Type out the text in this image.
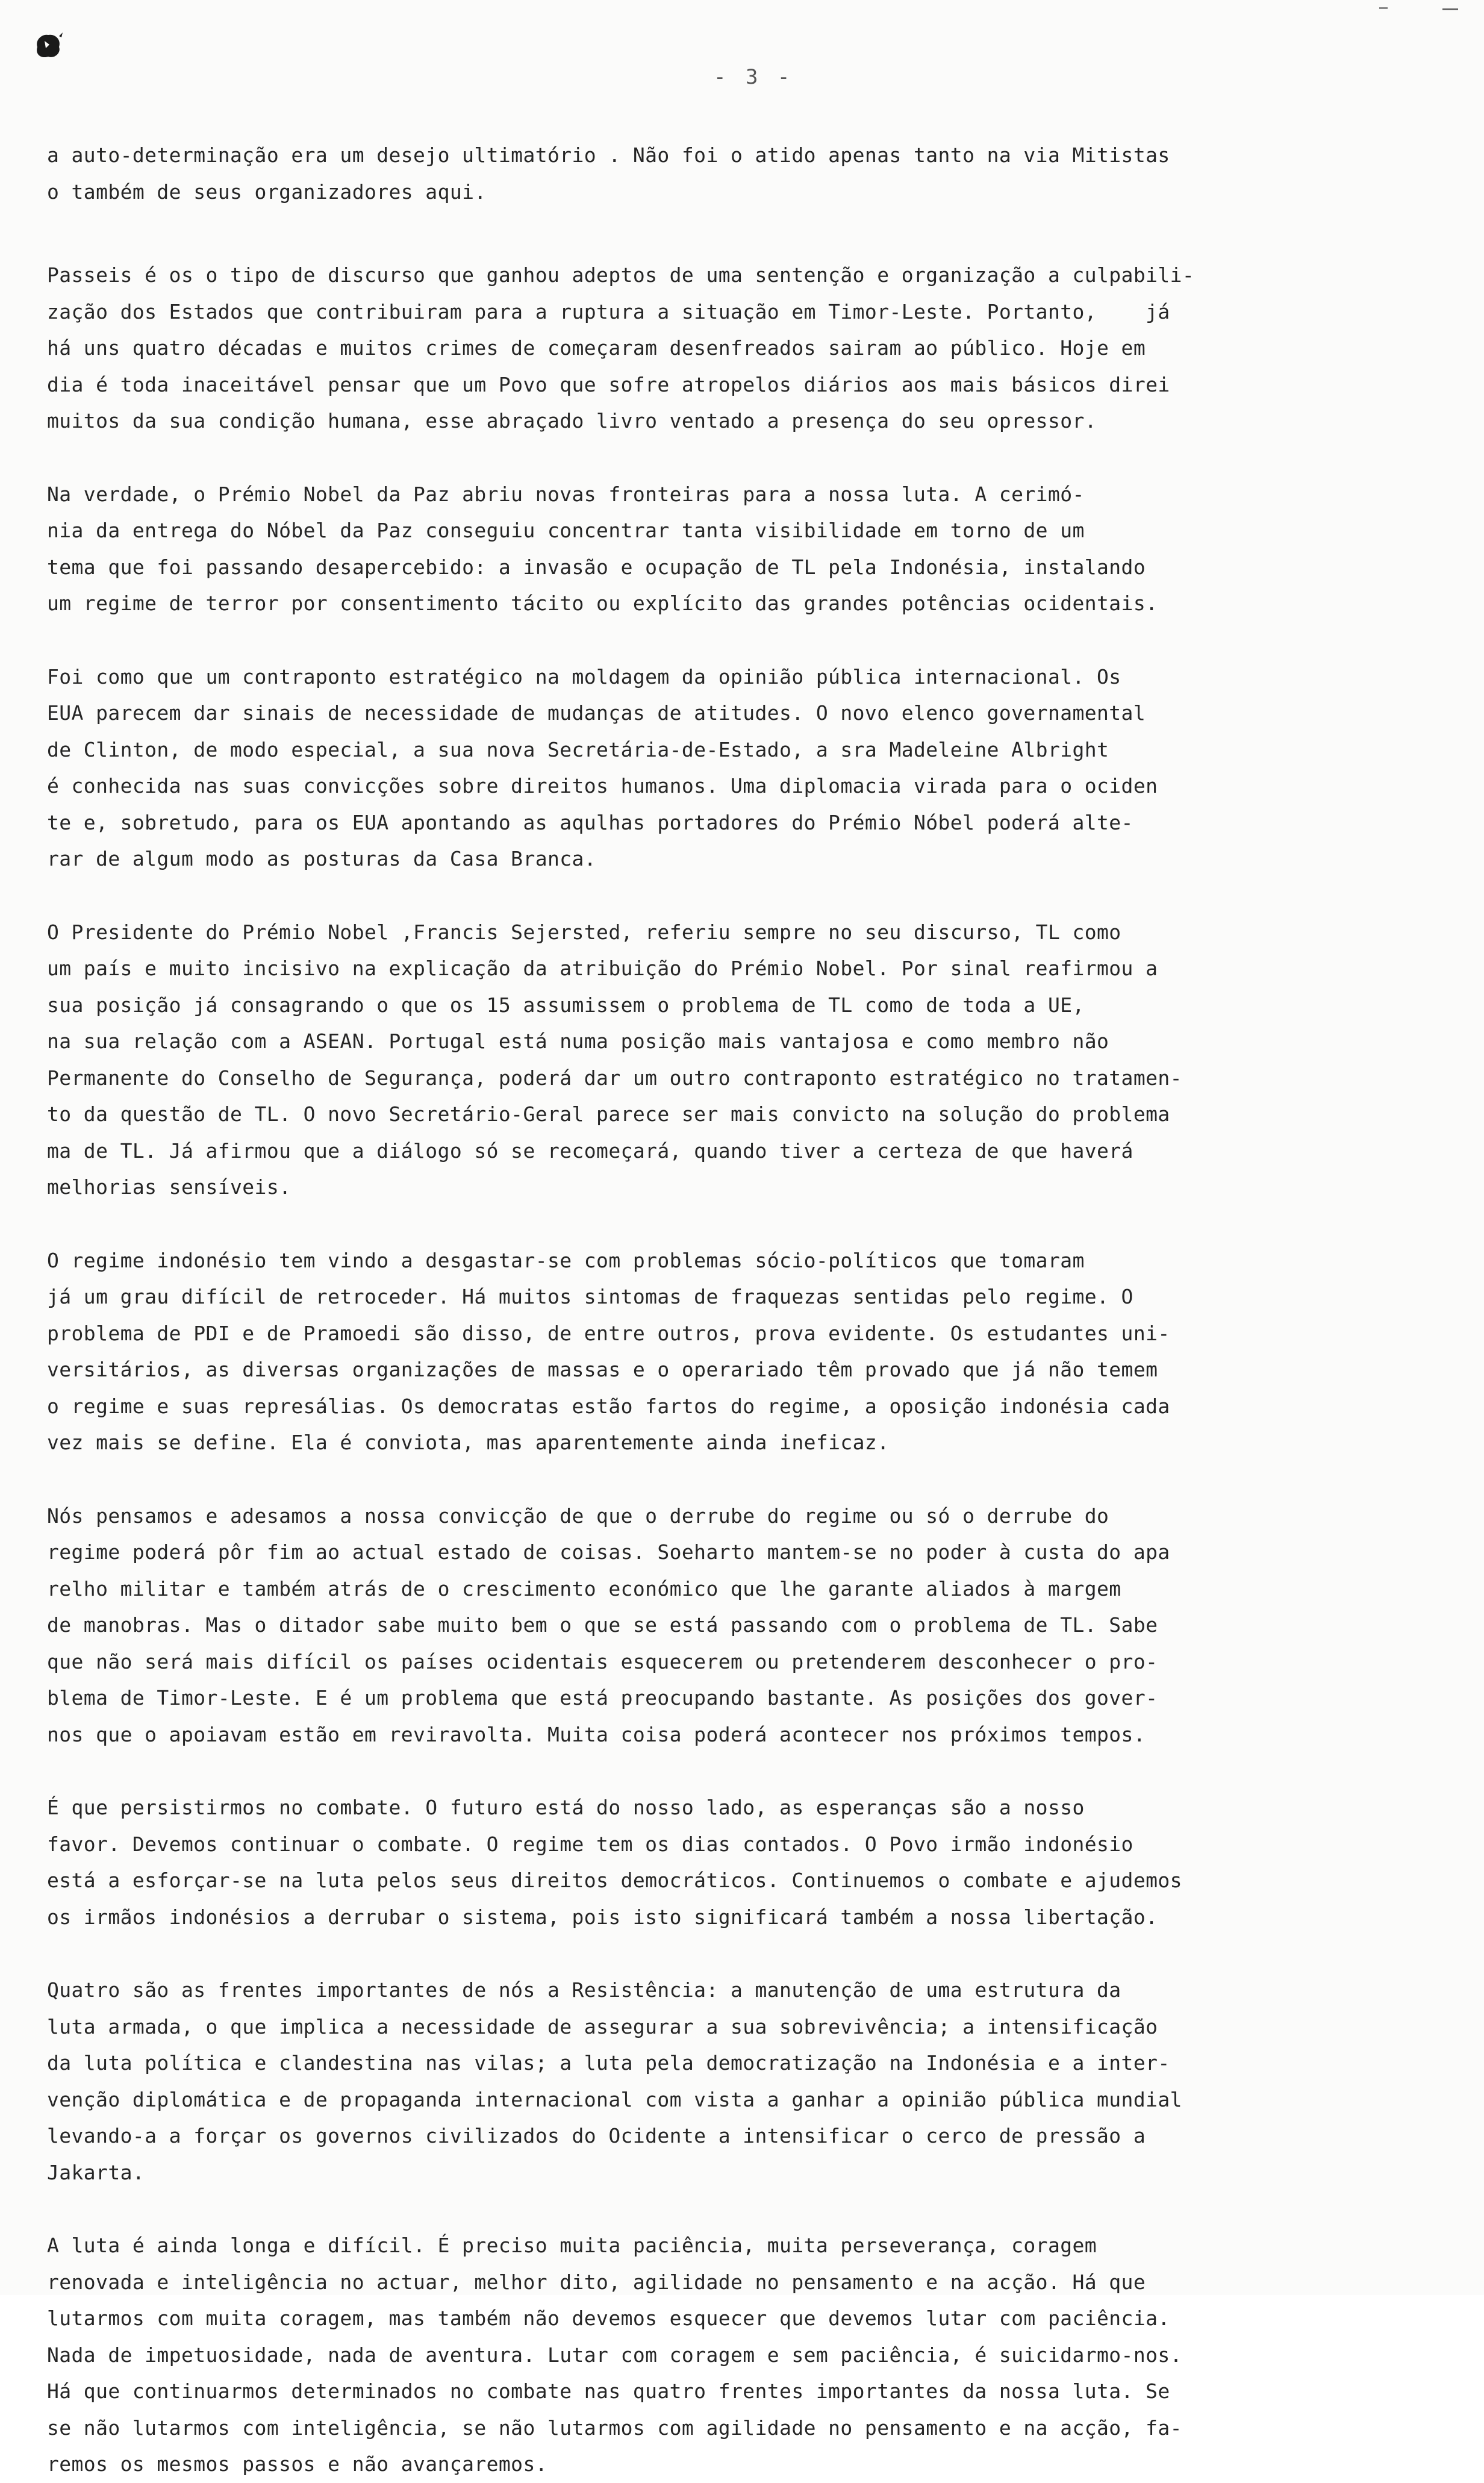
- 3 -

a auto-determinação era um desejo ultimatório . Não foi o atido apenas tanto na via Mitistas
o também de seus organizadores aqui.

Passeis é os o tipo de discurso que ganhou adeptos de uma sentenção e organização a culpabili-
zação dos Estados que contribuiram para a ruptura a situação em Timor-Leste. Portanto,    já
há uns quatro décadas e muitos crimes de começaram desenfreados sairam ao público. Hoje em
dia é toda inaceitável pensar que um Povo que sofre atropelos diários aos mais básicos direi
muitos da sua condição humana, esse abraçado livro ventado a presença do seu opressor.

Na verdade, o Prémio Nobel da Paz abriu novas fronteiras para a nossa luta. A cerimó-
nia da entrega do Nóbel da Paz conseguiu concentrar tanta visibilidade em torno de um
tema que foi passando desapercebido: a invasão e ocupação de TL pela Indonésia, instalando
um regime de terror por consentimento tácito ou explícito das grandes potências ocidentais.

Foi como que um contraponto estratégico na moldagem da opinião pública internacional. Os
EUA parecem dar sinais de necessidade de mudanças de atitudes. O novo elenco governamental
de Clinton, de modo especial, a sua nova Secretária-de-Estado, a sra Madeleine Albright
é conhecida nas suas convicções sobre direitos humanos. Uma diplomacia virada para o ociden
te e, sobretudo, para os EUA apontando as aqulhas portadores do Prémio Nóbel poderá alte-
rar de algum modo as posturas da Casa Branca.

O Presidente do Prémio Nobel ,Francis Sejersted, referiu sempre no seu discurso, TL como
um país e muito incisivo na explicação da atribuição do Prémio Nobel. Por sinal reafirmou a
sua posição já consagrando o que os 15 assumissem o problema de TL como de toda a UE,
na sua relação com a ASEAN. Portugal está numa posição mais vantajosa e como membro não
Permanente do Conselho de Segurança, poderá dar um outro contraponto estratégico no tratamen-
to da questão de TL. O novo Secretário-Geral parece ser mais convicto na solução do problema
ma de TL. Já afirmou que a diálogo só se recomeçará, quando tiver a certeza de que haverá
melhorias sensíveis.

O regime indonésio tem vindo a desgastar-se com problemas sócio-políticos que tomaram
já um grau difícil de retroceder. Há muitos sintomas de fraquezas sentidas pelo regime. O
problema de PDI e de Pramoedi são disso, de entre outros, prova evidente. Os estudantes uni-
versitários, as diversas organizações de massas e o operariado têm provado que já não temem
o regime e suas represálias. Os democratas estão fartos do regime, a oposição indonésia cada
vez mais se define. Ela é conviota, mas aparentemente ainda ineficaz.

Nós pensamos e adesamos a nossa convicção de que o derrube do regime ou só o derrube do
regime poderá pôr fim ao actual estado de coisas. Soeharto mantem-se no poder à custa do apa
relho militar e também atrás de o crescimento económico que lhe garante aliados à margem
de manobras. Mas o ditador sabe muito bem o que se está passando com o problema de TL. Sabe
que não será mais difícil os países ocidentais esquecerem ou pretenderem desconhecer o pro-
blema de Timor-Leste. E é um problema que está preocupando bastante. As posições dos gover-
nos que o apoiavam estão em reviravolta. Muita coisa poderá acontecer nos próximos tempos.

É que persistirmos no combate. O futuro está do nosso lado, as esperanças são a nosso
favor. Devemos continuar o combate. O regime tem os dias contados. O Povo irmão indonésio
está a esforçar-se na luta pelos seus direitos democráticos. Continuemos o combate e ajudemos
os irmãos indonésios a derrubar o sistema, pois isto significará também a nossa libertação.

Quatro são as frentes importantes de nós a Resistência: a manutenção de uma estrutura da
luta armada, o que implica a necessidade de assegurar a sua sobrevivência; a intensificação
da luta política e clandestina nas vilas; a luta pela democratização na Indonésia e a inter-
venção diplomática e de propaganda internacional com vista a ganhar a opinião pública mundial
levando-a a forçar os governos civilizados do Ocidente a intensificar o cerco de pressão a
Jakarta.

A luta é ainda longa e difícil. É preciso muita paciência, muita perseverança, coragem
renovada e inteligência no actuar, melhor dito, agilidade no pensamento e na acção. Há que
lutarmos com muita coragem, mas também não devemos esquecer que devemos lutar com paciência.
Nada de impetuosidade, nada de aventura. Lutar com coragem e sem paciência, é suicidarmo-nos.
Há que continuarmos determinados no combate nas quatro frentes importantes da nossa luta. Se
se não lutarmos com inteligência, se não lutarmos com agilidade no pensamento e na acção, fa-
remos os mesmos passos e não avançaremos.
